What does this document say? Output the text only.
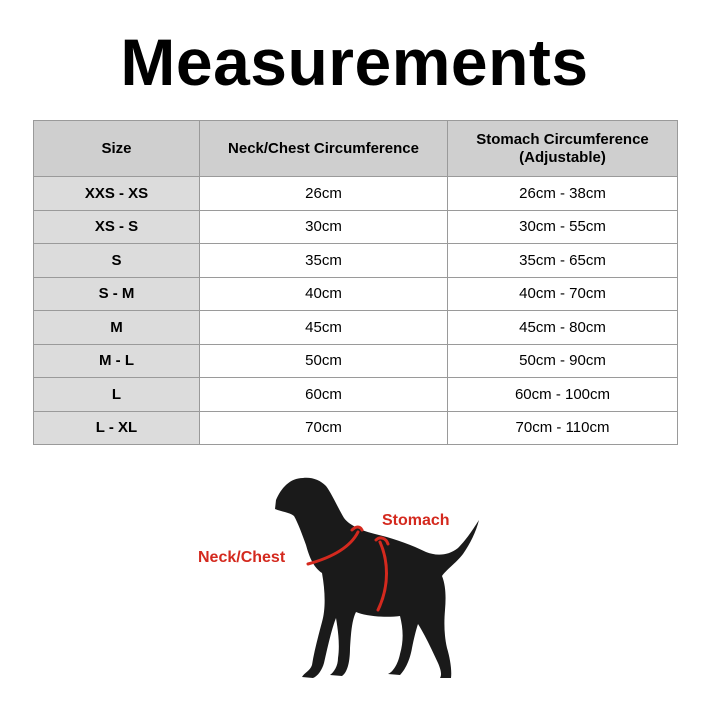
Measurements
Size	Neck/Chest Circumference	Stomach Circumference
(Adjustable)

XXS - XS	26cm	26cm - 38cm
XS - S	30cm	30cm - 55cm
S	35cm	35cm - 65cm
S - M	40cm	40cm - 70cm
M	45cm	45cm - 80cm
M - L	50cm	50cm - 90cm
L	60cm	60cm - 100cm
L - XL	70cm	70cm - 110cm
Neck/Chest
Stomach
